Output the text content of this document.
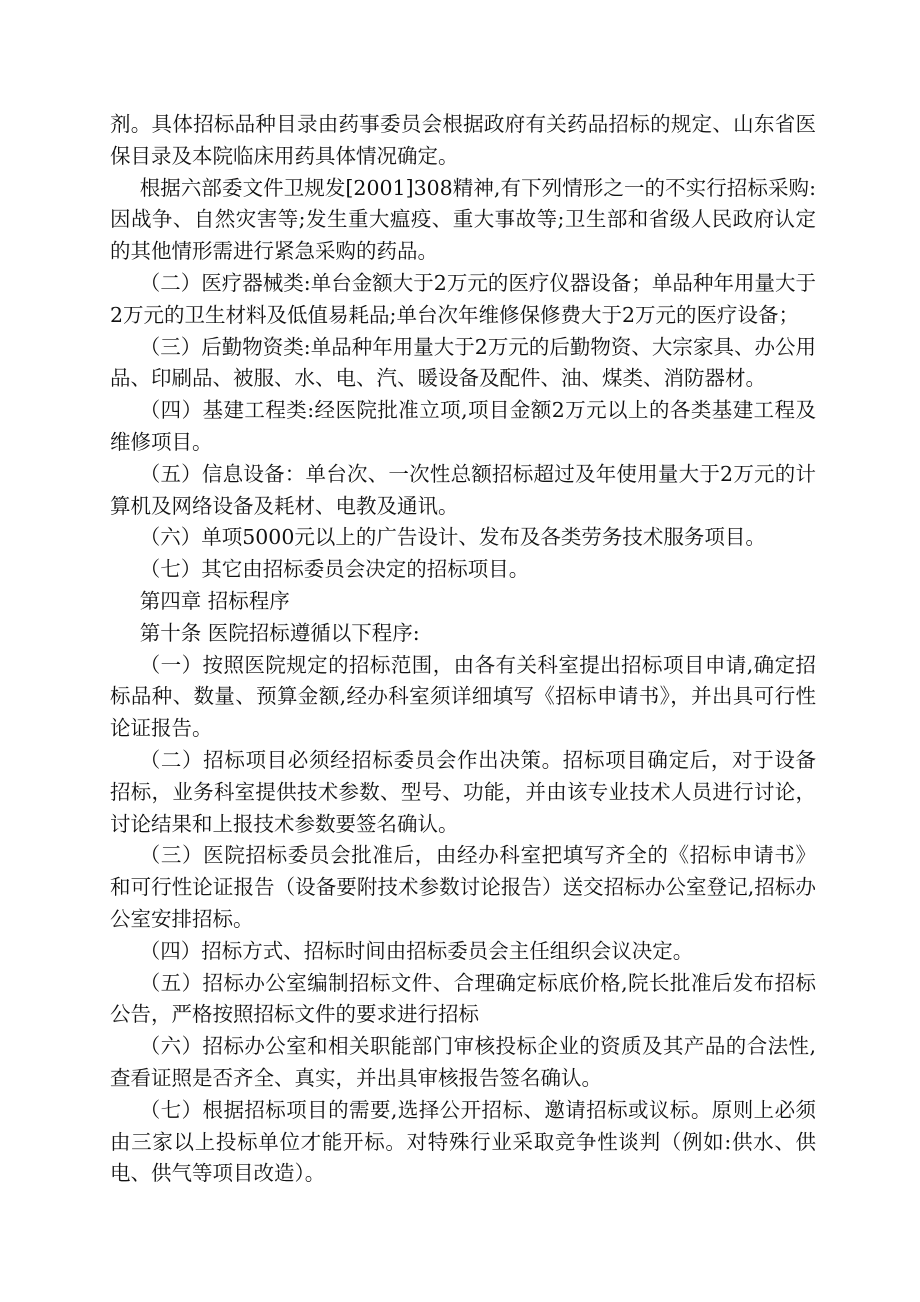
剂。具体招标品种目录由药事委员会根据政府有关药品招标的规定、山东省医保目录及本院临床用药具体情况确定。

根据六部委文件卫规发[2001]308精神,有下列情形之一的不实行招标采购:因战争、自然灾害等;发生重大瘟疫、重大事故等;卫生部和省级人民政府认定的其他情形需进行紧急采购的药品。

（二）医疗器械类:单台金额大于2万元的医疗仪器设备；单品种年用量大于2万元的卫生材料及低值易耗品;单台次年维修保修费大于2万元的医疗设备；

（三）后勤物资类:单品种年用量大于2万元的后勤物资、大宗家具、办公用品、印刷品、被服、水、电、汽、暖设备及配件、油、煤类、消防器材。

（四）基建工程类:经医院批准立项,项目金额2万元以上的各类基建工程及维修项目。

（五）信息设备：单台次、一次性总额招标超过及年使用量大于2万元的计算机及网络设备及耗材、电教及通讯。

（六）单项5000元以上的广告设计、发布及各类劳务技术服务项目。

（七）其它由招标委员会决定的招标项目。

第四章 招标程序

第十条 医院招标遵循以下程序:

（一）按照医院规定的招标范围，由各有关科室提出招标项目申请,确定招标品种、数量、预算金额,经办科室须详细填写《招标申请书》，并出具可行性论证报告。

（二）招标项目必须经招标委员会作出决策。招标项目确定后，对于设备招标，业务科室提供技术参数、型号、功能，并由该专业技术人员进行讨论，讨论结果和上报技术参数要签名确认。

（三）医院招标委员会批准后，由经办科室把填写齐全的《招标申请书》和可行性论证报告（设备要附技术参数讨论报告）送交招标办公室登记,招标办公室安排招标。

（四）招标方式、招标时间由招标委员会主任组织会议决定。

（五）招标办公室编制招标文件、合理确定标底价格,院长批准后发布招标公告，严格按照招标文件的要求进行招标

（六）招标办公室和相关职能部门审核投标企业的资质及其产品的合法性,查看证照是否齐全、真实，并出具审核报告签名确认。

（七）根据招标项目的需要,选择公开招标、邀请招标或议标。原则上必须由三家以上投标单位才能开标。对特殊行业采取竞争性谈判（例如:供水、供电、供气等项目改造）。
